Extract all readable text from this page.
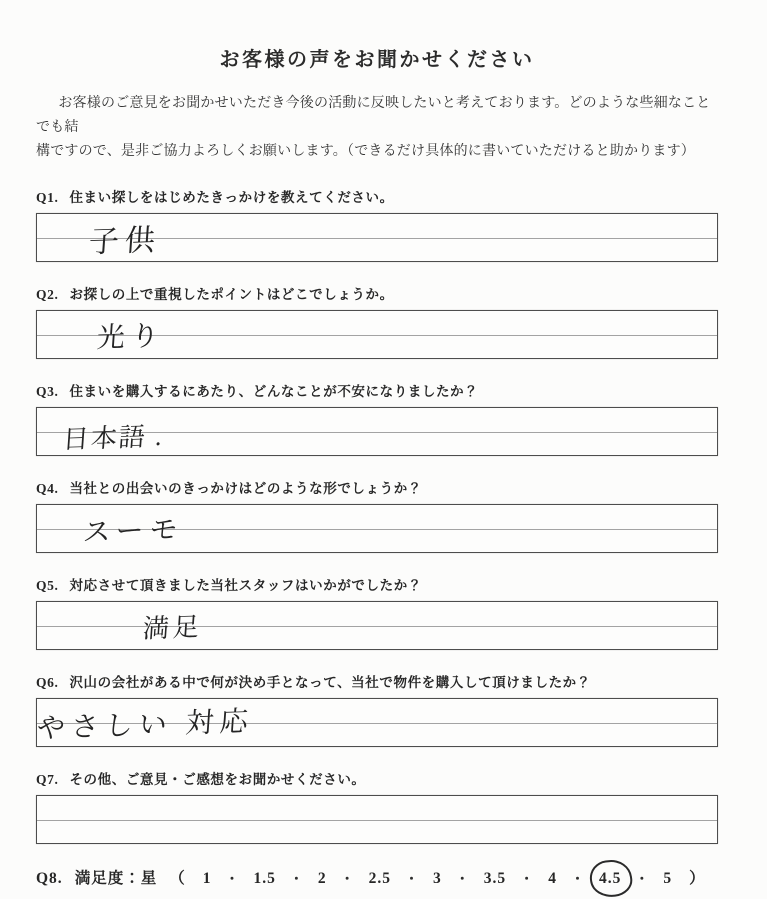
お客様の声をお聞かせください
お客様のご意見をお聞かせいただき今後の活動に反映したいと考えております。どのような些細なことでも結
構ですので、是非ご協力よろしくお願いします。（できるだけ具体的に書いていただけると助かります）
Q1. 住まい探しをはじめたきっかけを教えてください。
子供
Q2. お探しの上で重視したポイントはどこでしょうか。
光り
Q3. 住まいを購入するにあたり、どんなことが不安になりましたか？
日本語 .
Q4. 当社との出会いのきっかけはどのような形でしょうか？
スーモ
Q5. 対応させて頂きました当社スタッフはいかがでしたか？
満足
Q6. 沢山の会社がある中で何が決め手となって、当社で物件を購入して頂けましたか？
やさしい 対応
Q7. その他、ご意見・ご感想をお聞かせください。
Q8. 満足度：星 （ 1 ・ 1.5 ・ 2 ・ 2.5 ・ 3 ・ 3.5 ・ 4 ・ 4.5 ・ 5 ）
